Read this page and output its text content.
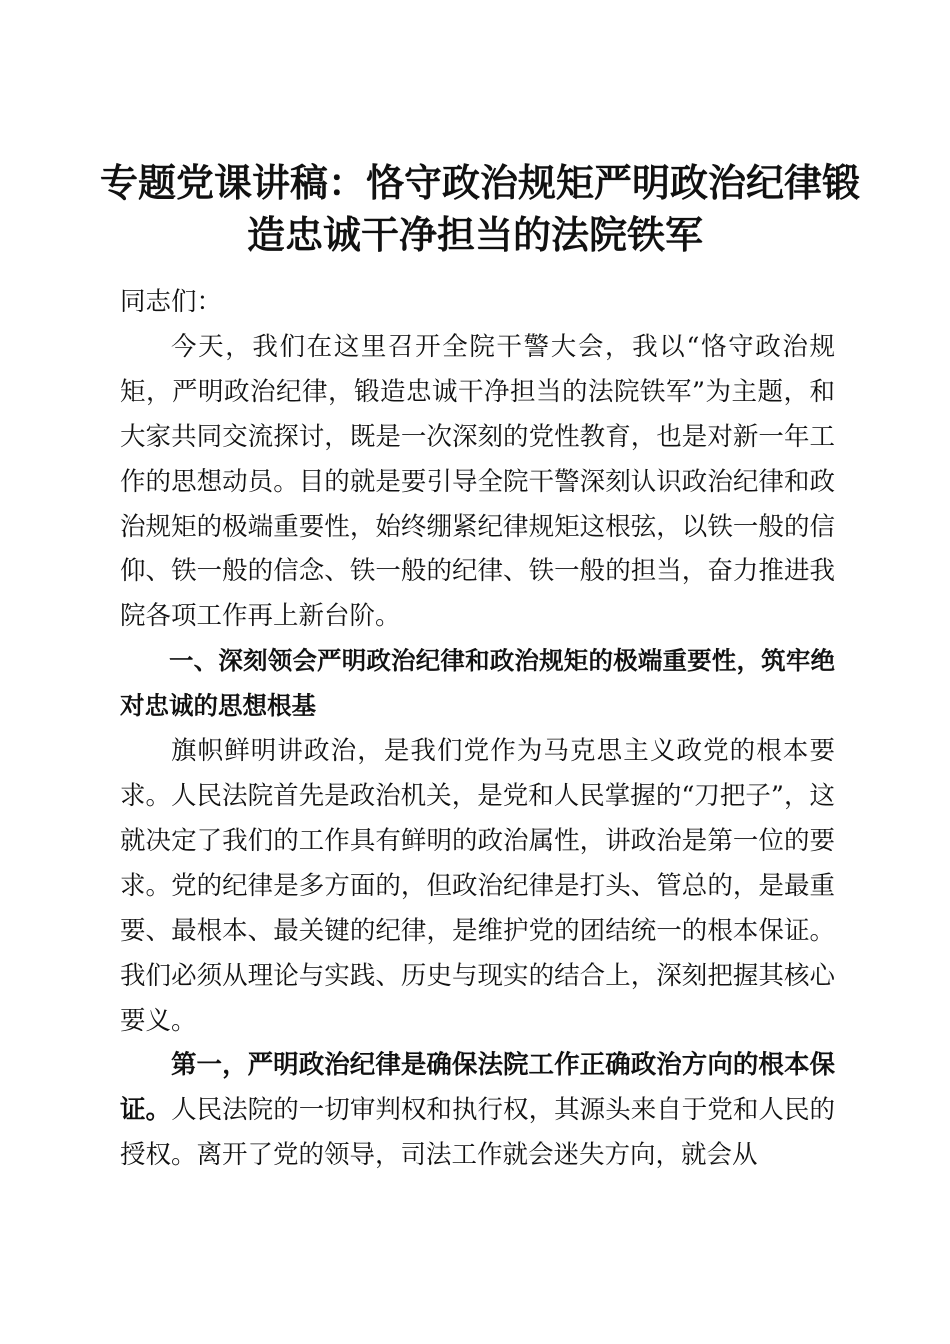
专题党课讲稿：恪守政治规矩严明政治纪律锻
造忠诚干净担当的法院铁军

同志们：

今天，我们在这里召开全院干警大会，我以“恪守政治规矩，严明政治纪律，锻造忠诚干净担当的法院铁军”为主题，和大家共同交流探讨，既是一次深刻的党性教育，也是对新一年工作的思想动员。目的就是要引导全院干警深刻认识政治纪律和政治规矩的极端重要性，始终绷紧纪律规矩这根弦，以铁一般的信仰、铁一般的信念、铁一般的纪律、铁一般的担当，奋力推进我院各项工作再上新台阶。

一、深刻领会严明政治纪律和政治规矩的极端重要性，筑牢绝对忠诚的思想根基

旗帜鲜明讲政治，是我们党作为马克思主义政党的根本要求。人民法院首先是政治机关，是党和人民掌握的“刀把子”，这就决定了我们的工作具有鲜明的政治属性，讲政治是第一位的要求。党的纪律是多方面的，但政治纪律是打头、管总的，是最重要、最根本、最关键的纪律，是维护党的团结统一的根本保证。我们必须从理论与实践、历史与现实的结合上，深刻把握其核心要义。

第一，严明政治纪律是确保法院工作正确政治方向的根本保证。人民法院的一切审判权和执行权，其源头来自于党和人民的授权。离开了党的领导，司法工作就会迷失方向，就会从
